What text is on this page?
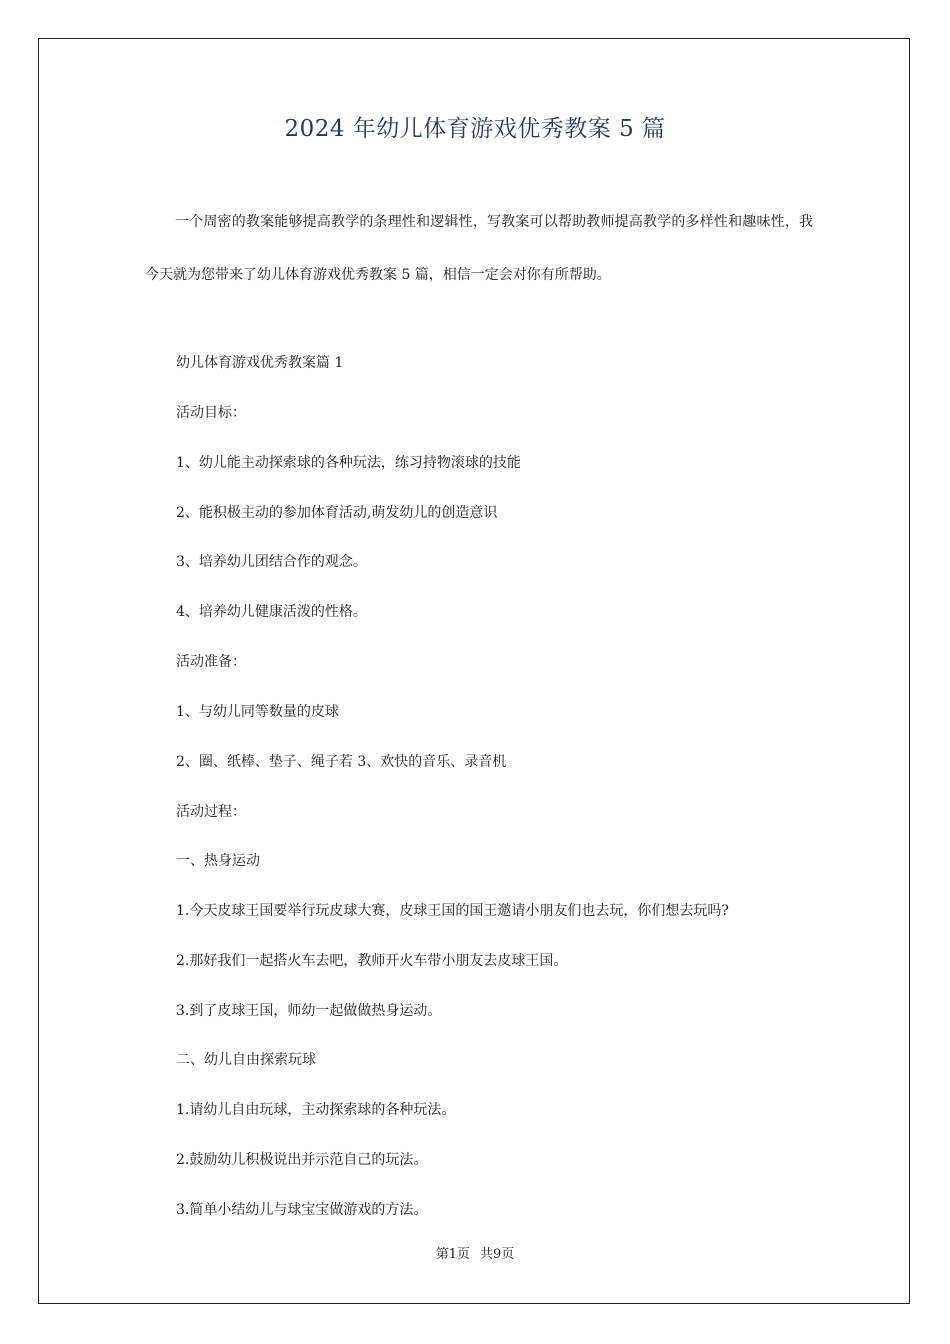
2024 年幼儿体育游戏优秀教案 5 篇

一个周密的教案能够提高教学的条理性和逻辑性，写教案可以帮助教师提高教学的多样性和趣味性，我今天就为您带来了幼儿体育游戏优秀教案 5 篇，相信一定会对你有所帮助。

幼儿体育游戏优秀教案篇 1

活动目标：

1、幼儿能主动探索球的各种玩法，练习持物滚球的技能

2、能积极主动的参加体育活动,萌发幼儿的创造意识

3、培养幼儿团结合作的观念。

4、培养幼儿健康活泼的性格。

活动准备：

1、与幼儿同等数量的皮球

2、圈、纸棒、垫子、绳子若 3、欢快的音乐、录音机

活动过程：

一、热身运动

1.今天皮球王国要举行玩皮球大赛，皮球王国的国王邀请小朋友们也去玩，你们想去玩吗?

2.那好我们一起搭火车去吧，教师开火车带小朋友去皮球王国。

3.到了皮球王国，师幼一起做做热身运动。

二、幼儿自由探索玩球

1.请幼儿自由玩球，主动探索球的各种玩法。

2.鼓励幼儿积极说出并示范自己的玩法。

3.简单小结幼儿与球宝宝做游戏的方法。

第1页 共9页
